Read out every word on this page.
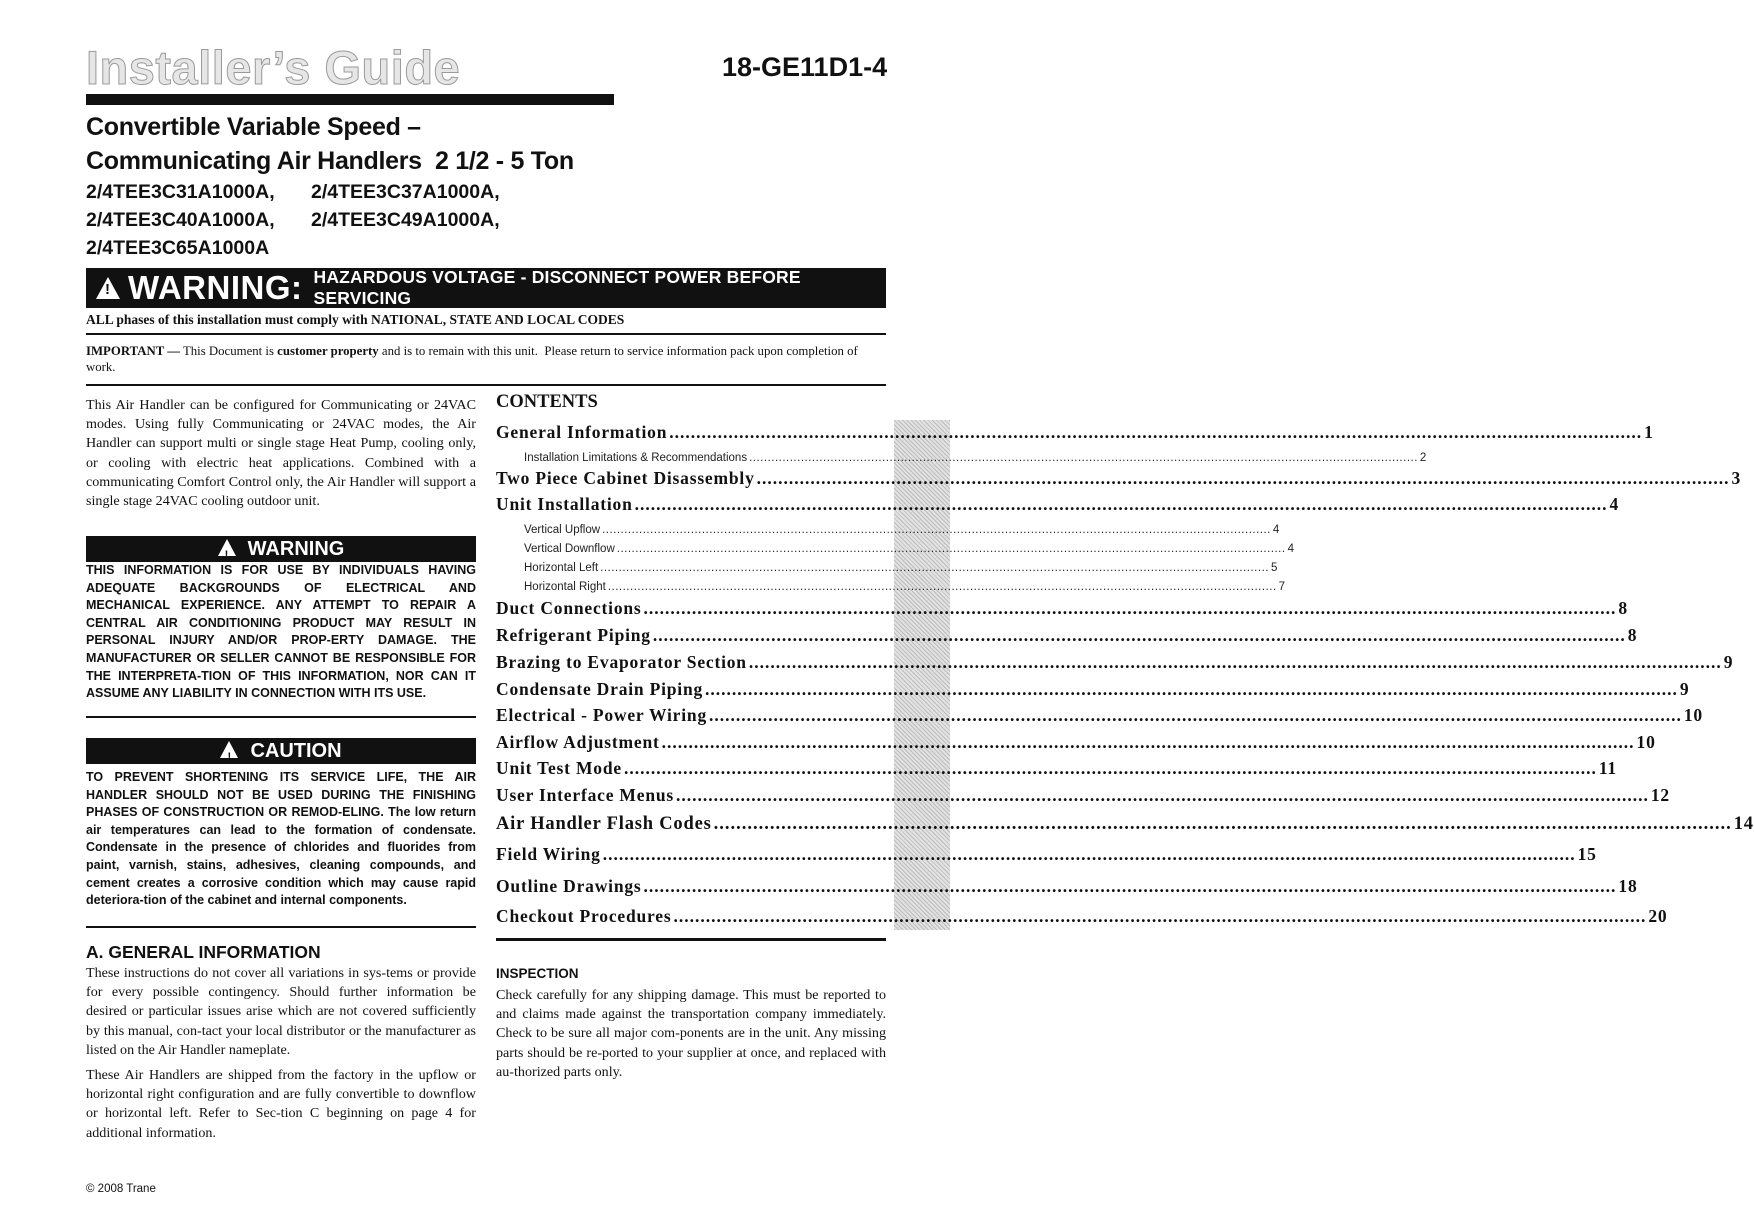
Installer’s Guide	18-GE11D1-4
Convertible Variable Speed –
Communicating Air Handlers  2 1/2 - 5 Ton
2/4TEE3C31A1000A, 2/4TEE3C37A1000A,
2/4TEE3C40A1000A, 2/4TEE3C49A1000A,
2/4TEE3C65A1000A
!
WARNING: HAZARDOUS VOLTAGE - DISCONNECT POWER BEFORE SERVICING
ALL phases of this installation must comply with NATIONAL, STATE AND LOCAL CODES
IMPORTANT — This Document is customer property and is to remain with this unit.  Please return to service information pack upon completion of work.
This Air Handler can be configured for Communicating or 24VAC modes. Using fully Communicating or 24VAC modes, the Air Handler can support multi or single stage Heat Pump, cooling only, or cooling with electric heat applications. Combined with a communicating Comfort Control only, the Air Handler will support a single stage 24VAC cooling outdoor unit.
!WARNING
THIS INFORMATION IS FOR USE BY INDIVIDUALS HAVING ADEQUATE BACKGROUNDS OF ELECTRICAL AND MECHANICAL EXPERIENCE. ANY ATTEMPT TO REPAIR A CENTRAL AIR CONDITIONING PRODUCT MAY RESULT IN PERSONAL INJURY AND/OR PROP-ERTY DAMAGE. THE MANUFACTURER OR SELLER CANNOT BE RESPONSIBLE FOR THE INTERPRETA-TION OF THIS INFORMATION, NOR CAN IT ASSUME ANY LIABILITY IN CONNECTION WITH ITS USE.
!CAUTION
TO PREVENT SHORTENING ITS SERVICE LIFE, THE AIR HANDLER SHOULD NOT BE USED DURING THE FINISHING PHASES OF CONSTRUCTION OR REMOD-ELING. The low return air temperatures can lead to the formation of condensate. Condensate in the presence of chlorides and fluorides from paint, varnish, stains, adhesives, cleaning compounds, and cement creates a corrosive condition which may cause rapid deteriora-tion of the cabinet and internal components.
A. GENERAL INFORMATION

These instructions do not cover all variations in sys-tems or provide for every possible contingency. Should further information be desired or particular issues arise which are not covered sufficiently by this manual, con-tact your local distributor or the manufacturer as listed on the Air Handler nameplate.

These Air Handlers are shipped from the factory in the upflow or horizontal right configuration and are fully convertible to downflow or horizontal left. Refer to Sec-tion C beginning on page 4 for additional information.

CONTENTS
General Information ..................................................................................................................................................................................... 1
Installation Limitations & Recommendations ..................................................................................................................................................................................... 2
Two Piece Cabinet Disassembly ..................................................................................................................................................................................... 3
Unit Installation ..................................................................................................................................................................................... 4
Vertical Upflow ..................................................................................................................................................................................... 4
Vertical Downflow ..................................................................................................................................................................................... 4
Horizontal Left ..................................................................................................................................................................................... 5
Horizontal Right ..................................................................................................................................................................................... 7
Duct Connections ..................................................................................................................................................................................... 8
Refrigerant Piping ..................................................................................................................................................................................... 8
Brazing to Evaporator Section ..................................................................................................................................................................................... 9
Condensate Drain Piping ..................................................................................................................................................................................... 9
Electrical - Power Wiring ..................................................................................................................................................................................... 10
Airflow Adjustment ..................................................................................................................................................................................... 10
Unit Test Mode ..................................................................................................................................................................................... 11
User Interface Menus ..................................................................................................................................................................................... 12
Air Handler Flash Codes ..................................................................................................................................................................................... 14
Field Wiring ..................................................................................................................................................................................... 15
Outline Drawings ..................................................................................................................................................................................... 18
Checkout Procedures ..................................................................................................................................................................................... 20
INSPECTION
Check carefully for any shipping damage. This must be reported to and claims made against the transportation company immediately. Check to be sure all major com-ponents are in the unit. Any missing parts should be re-ported to your supplier at once, and replaced with au-thorized parts only.
© 2008 Trane
